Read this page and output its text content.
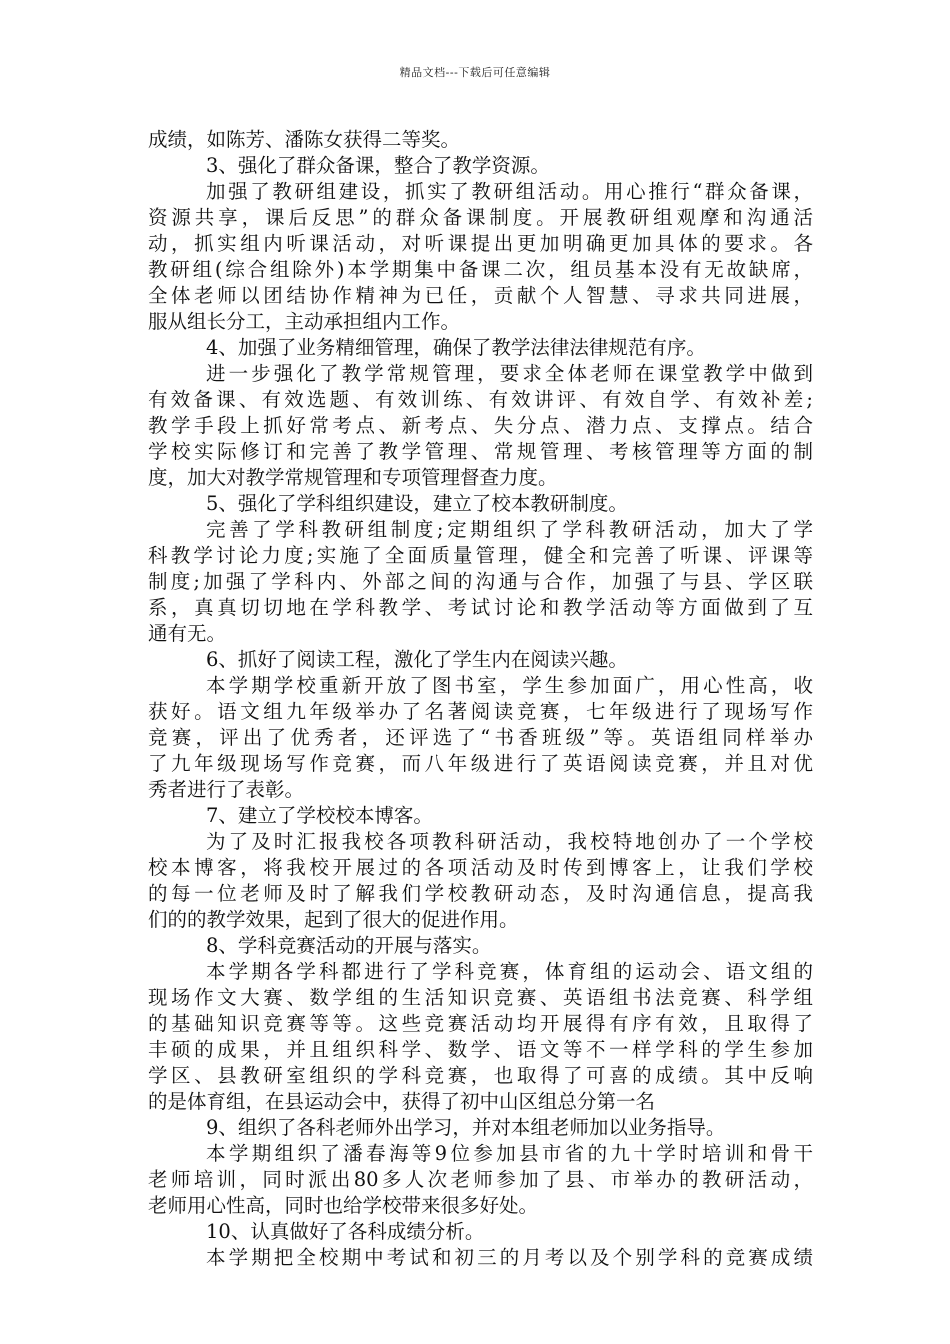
精品文档---下载后可任意编辑
成绩，如陈芳、潘陈女获得二等奖。
3、强化了群众备课，整合了教学资源。
加强了教研组建设，抓实了教研组活动。用心推行“群众备课，
资源共享，课后反思”的群众备课制度。开展教研组观摩和沟通活
动，抓实组内听课活动，对听课提出更加明确更加具体的要求。各
教研组(综合组除外)本学期集中备课二次，组员基本没有无故缺席，
全体老师以团结协作精神为已任，贡献个人智慧、寻求共同进展，
服从组长分工，主动承担组内工作。
4、加强了业务精细管理，确保了教学法律法律规范有序。
进一步强化了教学常规管理，要求全体老师在课堂教学中做到
有效备课、有效选题、有效训练、有效讲评、有效自学、有效补差;
教学手段上抓好常考点、新考点、失分点、潜力点、支撑点。结合
学校实际修订和完善了教学管理、常规管理、考核管理等方面的制
度，加大对教学常规管理和专项管理督查力度。
5、强化了学科组织建设，建立了校本教研制度。
完善了学科教研组制度;定期组织了学科教研活动，加大了学
科教学讨论力度;实施了全面质量管理，健全和完善了听课、评课等
制度;加强了学科内、外部之间的沟通与合作，加强了与县、学区联
系，真真切切地在学科教学、考试讨论和教学活动等方面做到了互
通有无。
6、抓好了阅读工程，激化了学生内在阅读兴趣。
本学期学校重新开放了图书室，学生参加面广，用心性高，收
获好。语文组九年级举办了名著阅读竞赛，七年级进行了现场写作
竞赛，评出了优秀者，还评选了“书香班级”等。英语组同样举办
了九年级现场写作竞赛，而八年级进行了英语阅读竞赛，并且对优
秀者进行了表彰。
7、建立了学校校本博客。
为了及时汇报我校各项教科研活动，我校特地创办了一个学校
校本博客，将我校开展过的各项活动及时传到博客上，让我们学校
的每一位老师及时了解我们学校教研动态，及时沟通信息，提高我
们的的教学效果，起到了很大的促进作用。
8、学科竞赛活动的开展与落实。
本学期各学科都进行了学科竞赛，体育组的运动会、语文组的
现场作文大赛、数学组的生活知识竞赛、英语组书法竞赛、科学组
的基础知识竞赛等等。这些竞赛活动均开展得有序有效，且取得了
丰硕的成果，并且组织科学、数学、语文等不一样学科的学生参加
学区、县教研室组织的学科竞赛，也取得了可喜的成绩。其中反响
的是体育组，在县运动会中，获得了初中山区组总分第一名
9、组织了各科老师外出学习，并对本组老师加以业务指导。
本学期组织了潘春海等9位参加县市省的九十学时培训和骨干
老师培训，同时派出80多人次老师参加了县、市举办的教研活动，
老师用心性高，同时也给学校带来很多好处。
10、认真做好了各科成绩分析。
本学期把全校期中考试和初三的月考以及个别学科的竞赛成绩
